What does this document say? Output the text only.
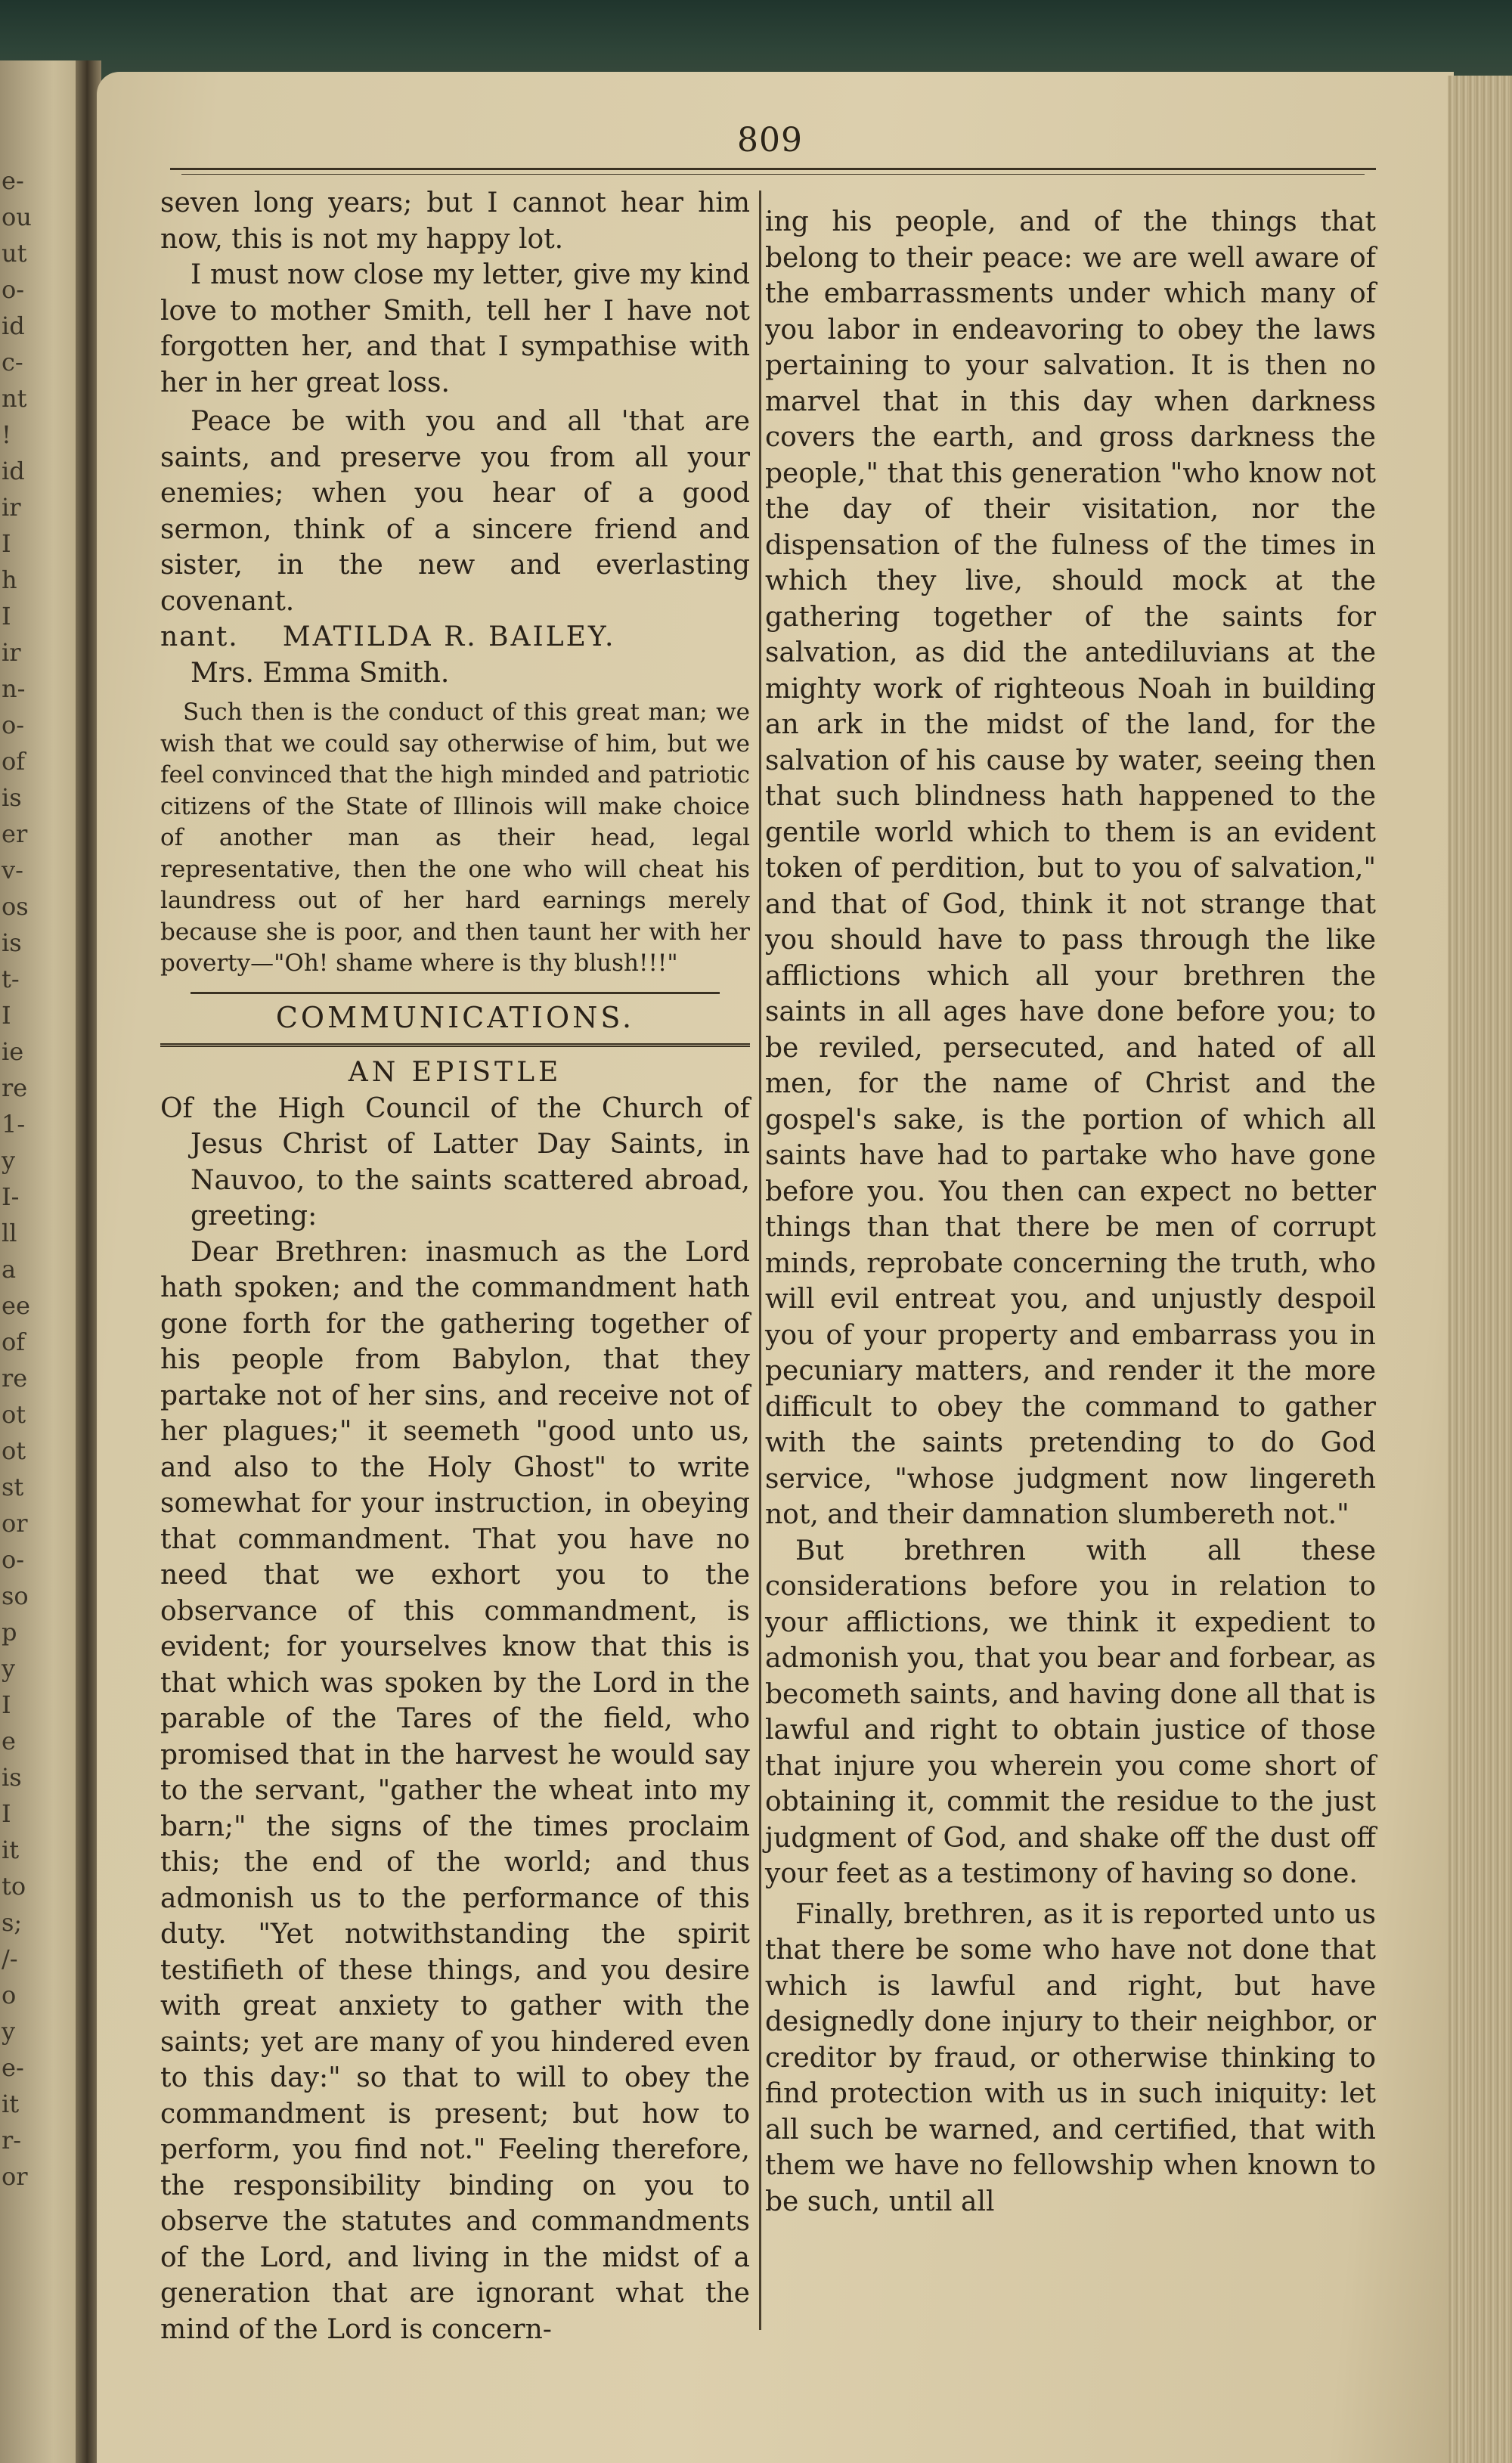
e-
ou
ut
o-
id
c-
nt
!
id
ir
I
h
I
ir
n-
o-
of
is
er
v-
os
is
t-
I
ie
re
1-
y
I-
ll
a
ee
of
re
ot
ot
st
or
o-
so
p
y
I
e
is
I
it
to
s;
/-
o
y
e-
it
r-
or
809

seven long years; but I cannot hear him now, this is not my happy lot.

I must now close my letter, give my kind love to mother Smith, tell her I have not forgotten her, and that I sympathise with her in her great loss.

Peace be with you and all 'that are saints, and preserve you from all your enemies; when you hear of a good sermon, think of a sincere friend and sister, in the new and everlasting covenant.

nant. MATILDA R. BAILEY.

Mrs. Emma Smith.

Such then is the conduct of this great man; we wish that we could say otherwise of him, but we feel convinced that the high minded and patriotic citizens of the State of Illinois will make choice of another man as their head, legal representative, then the one who will cheat his laundress out of her hard earnings merely because she is poor, and then taunt her with her poverty—"Oh! shame where is thy blush!!!"

COMMUNICATIONS.

AN EPISTLE

Of the High Council of the Church of Jesus Christ of Latter Day Saints, in Nauvoo, to the saints scattered abroad, greeting:

Dear Brethren: inasmuch as the Lord hath spoken; and the commandment hath gone forth for the gathering together of his people from Babylon, that they partake not of her sins, and receive not of her plagues;" it seemeth "good unto us, and also to the Holy Ghost" to write somewhat for your instruction, in obeying that commandment. That you have no need that we exhort you to the observance of this commandment, is evident; for yourselves know that this is that which was spoken by the Lord in the parable of the Tares of the field, who promised that in the harvest he would say to the servant, "gather the wheat into my barn;" the signs of the times proclaim this; the end of the world; and thus admonish us to the performance of this duty. "Yet notwithstanding the spirit testifieth of these things, and you desire with great anxiety to gather with the saints; yet are many of you hindered even to this day:" so that to will to obey the commandment is present; but how to perform, you find not." Feeling therefore, the responsibility binding on you to observe the statutes and commandments of the Lord, and living in the midst of a generation that are ignorant what the mind of the Lord is concern-

ing his people, and of the things that belong to their peace: we are well aware of the embarrassments under which many of you labor in endeavoring to obey the laws pertaining to your salvation. It is then no marvel that in this day when darkness covers the earth, and gross darkness the people," that this generation "who know not the day of their visitation, nor the dispensation of the fulness of the times in which they live, should mock at the gathering together of the saints for salvation, as did the antediluvians at the mighty work of righteous Noah in building an ark in the midst of the land, for the salvation of his cause by water, seeing then that such blindness hath happened to the gentile world which to them is an evident token of perdition, but to you of salvation," and that of God, think it not strange that you should have to pass through the like afflictions which all your brethren the saints in all ages have done before you; to be reviled, persecuted, and hated of all men, for the name of Christ and the gospel's sake, is the portion of which all saints have had to partake who have gone before you. You then can expect no better things than that there be men of corrupt minds, reprobate concerning the truth, who will evil entreat you, and unjustly despoil you of your property and embarrass you in pecuniary matters, and render it the more difficult to obey the command to gather with the saints pretending to do God service, "whose judgment now lingereth not, and their damnation slumbereth not."

But brethren with all these considerations before you in relation to your afflictions, we think it expedient to admonish you, that you bear and forbear, as becometh saints, and having done all that is lawful and right to obtain justice of those that injure you wherein you come short of obtaining it, commit the residue to the just judgment of God, and shake off the dust off your feet as a testimony of having so done.

Finally, brethren, as it is reported unto us that there be some who have not done that which is lawful and right, but have designedly done injury to their neighbor, or creditor by fraud, or otherwise thinking to find protection with us in such iniquity: let all such be warned, and certified, that with them we have no fellowship when known to be such, until all
